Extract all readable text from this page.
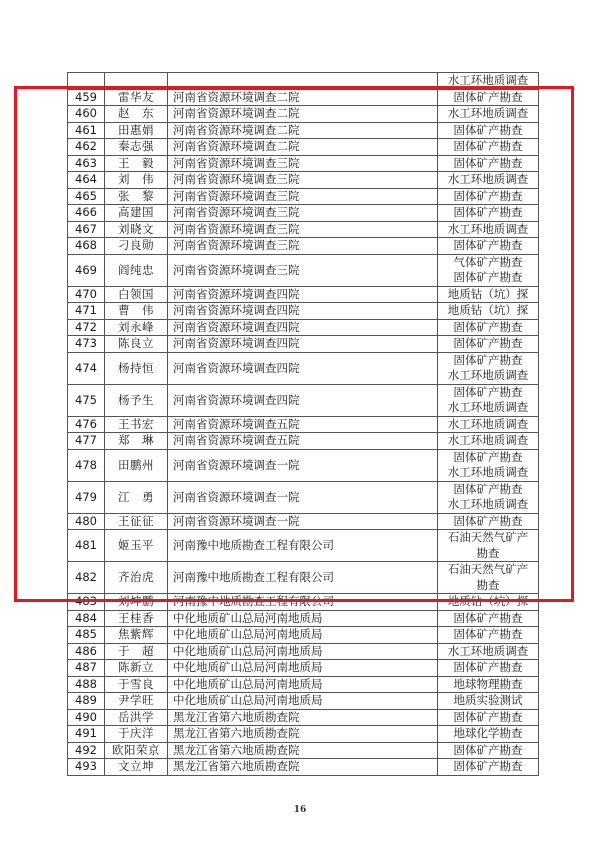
			水工环地质调查

459	雷华友	河南省资源环境调查二院	固体矿产勘查

460	赵　东	河南省资源环境调查二院	水工环地质调查

461	田惠娟	河南省资源环境调查二院	固体矿产勘查

462	秦志强	河南省资源环境调查二院	固体矿产勘查

463	王　毅	河南省资源环境调查三院	固体矿产勘查

464	刘　伟	河南省资源环境调查三院	水工环地质调查

465	张　黎	河南省资源环境调查三院	固体矿产勘查

466	高建国	河南省资源环境调查三院	固体矿产勘查

467	刘晓文	河南省资源环境调查三院	水工环地质调查

468	刁良勋	河南省资源环境调查三院	固体矿产勘查

469	阎纯忠	河南省资源环境调查三院	气体矿产勘查
固体矿产勘查

470	白领国	河南省资源环境调查四院	地质钻（坑）探

471	曹　伟	河南省资源环境调查四院	地质钻（坑）探

472	刘永峰	河南省资源环境调查四院	固体矿产勘查

473	陈良立	河南省资源环境调查四院	固体矿产勘查

474	杨持恒	河南省资源环境调查四院	固体矿产勘查
水工环地质调查

475	杨予生	河南省资源环境调查四院	固体矿产勘查
水工环地质调查

476	王书宏	河南省资源环境调查五院	水工环地质调查

477	郑　琳	河南省资源环境调查五院	水工环地质调查

478	田鹏州	河南省资源环境调查一院	固体矿产勘查
水工环地质调查

479	江　勇	河南省资源环境调查一院	固体矿产勘查
水工环地质调查

480	王征征	河南省资源环境调查一院	固体矿产勘查

481	姬玉平	河南豫中地质勘查工程有限公司	石油天然气矿产
勘查

482	齐治虎	河南豫中地质勘查工程有限公司	石油天然气矿产
勘查

483	刘坤鹏	河南豫中地质勘查工程有限公司	地质钻（坑）探

484	王桂香	中化地质矿山总局河南地质局	固体矿产勘查

485	焦紫辉	中化地质矿山总局河南地质局	固体矿产勘查

486	于　超	中化地质矿山总局河南地质局	水工环地质调查

487	陈新立	中化地质矿山总局河南地质局	固体矿产勘查

488	于雪良	中化地质矿山总局河南地质局	地球物理勘查

489	尹学旺	中化地质矿山总局河南地质局	地质实验测试

490	岳洪学	黑龙江省第六地质勘查院	固体矿产勘查

491	于庆洋	黑龙江省第六地质勘查院	地球化学勘查

492	欧阳荣京	黑龙江省第六地质勘查院	固体矿产勘查

493	文立坤	黑龙江省第六地质勘查院	固体矿产勘查
16
